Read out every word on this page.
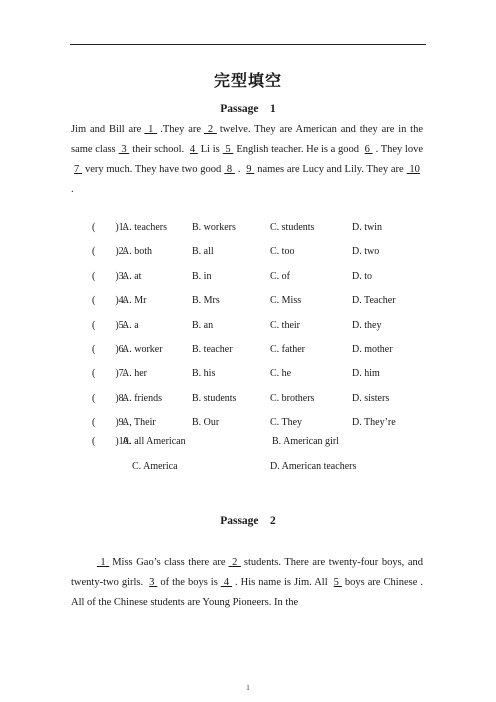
完型填空
Passage　1

Jim and Bill are 1 .They are 2 twelve. They are American and they are in the same class 3 their school. 4 Li is 5 English teacher. He is a good 6 . They love 7 very much. They have two good 8 . 9 names are Lucy and Lily. They are 10 .

(　　)1.
A. teachers	B. workers	C. students	D. twin
(　　)2.
A. both	B. all	C. too	D. two
(　　)3.
A. at	B. in	C. of	D. to
(　　)4.
A. Mr	B. Mrs	C. Miss	D. Teacher
(　　)5.
A. a	B. an	C. their	D. they
(　　)6.
A. worker	B. teacher	C. father	D. mother
(　　)7.
A. her	B. his	C. he	D. him
(　　)8.
A. friends	B. students	C. brothers	D. sisters
(　　)9.
A, Their	B. Our	C. They	D. They’re
(　　)10.
A. all American	B. American girl
C. America	D. American teachers
Passage　2

　　 1 Miss Gao’s class there are 2 students. There are twenty-four boys, and twenty-two girls. 3 of the boys is 4 . His name is Jim. All 5 boys are Chinese . All of the Chinese students are Young Pioneers. In the

1
